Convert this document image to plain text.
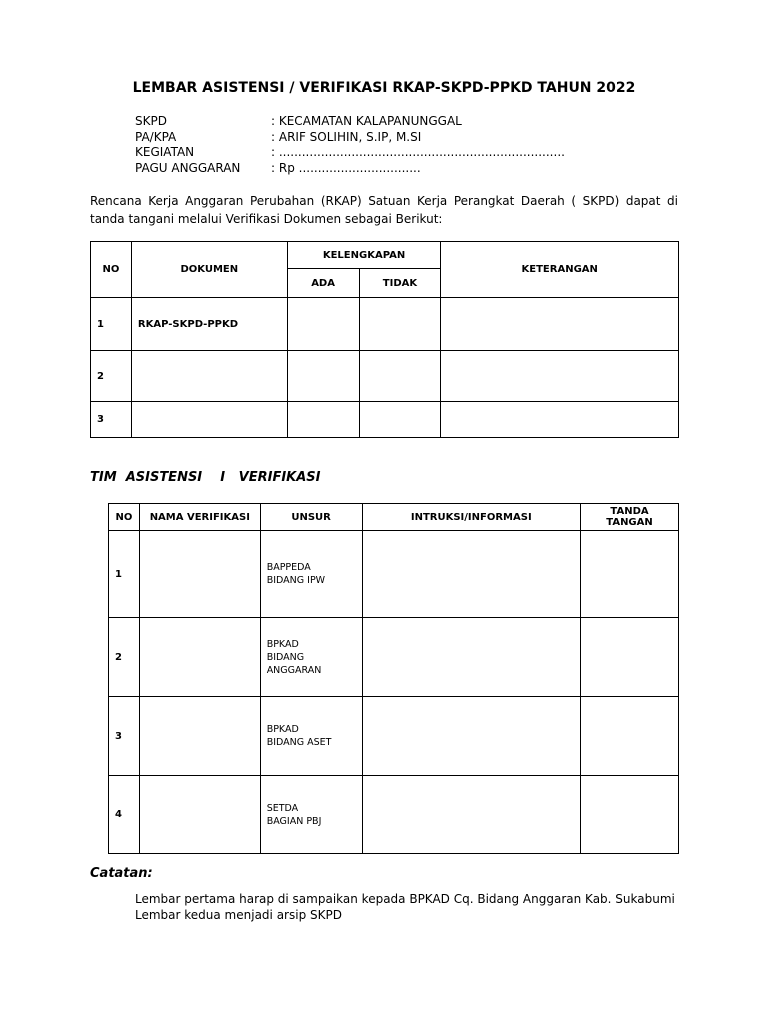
LEMBAR ASISTENSI / VERIFIKASI RKAP-SKPD-PPKD TAHUN 2022
SKPD	: KECAMATAN KALAPANUNGGAL
PA/KPA	: ARIF SOLIHIN, S.IP, M.SI
KEGIATAN	: ...........................................................................
PAGU ANGGARAN	: Rp ................................
Rencana Kerja Anggaran Perubahan (RKAP) Satuan Kerja Perangkat Daerah ( SKPD) dapat di tanda tangani melalui Verifikasi Dokumen sebagai Berikut:
NO	DOKUMEN	KELENGKAPAN		KETERANGAN
		ADA	TIDAK	
1	RKAP-SKPD-PPKD			
2				
3				
TIM  ASISTENSI    I   VERIFIKASI
NO	NAMA VERIFIKASI	UNSUR	INTRUKSI/INFORMASI	TANDA TANGAN
1		BAPPEDA
BIDANG IPW		

2		BPKAD
BIDANG
ANGGARAN		

3		BPKAD
BIDANG ASET		

4		SETDA
BAGIAN PBJ		

Catatan:
Lembar pertama harap di sampaikan kepada BPKAD Cq. Bidang Anggaran Kab. Sukabumi
Lembar kedua menjadi arsip SKPD
